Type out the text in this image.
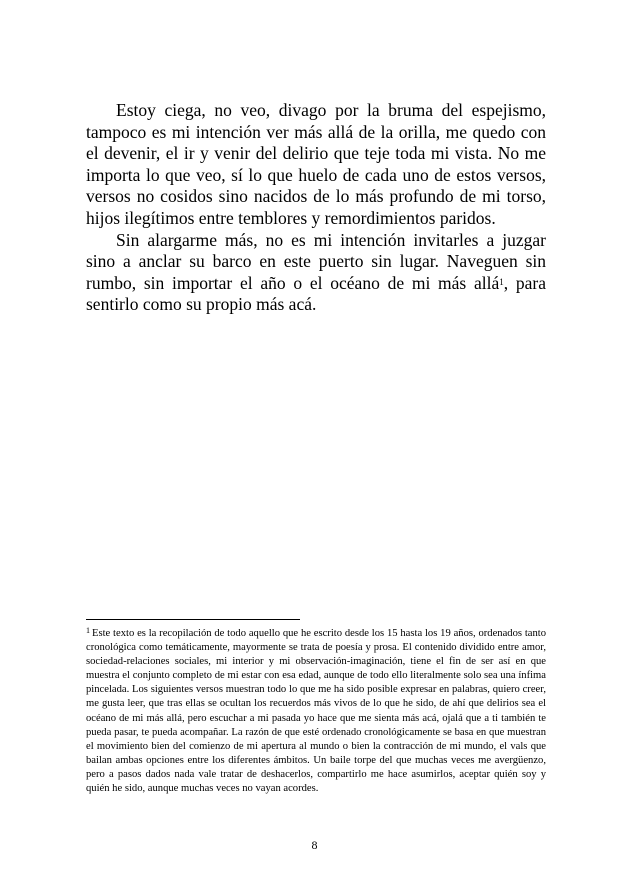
Estoy ciega, no veo, divago por la bruma del espejismo, tampoco es mi intención ver más allá de la orilla, me quedo con el devenir, el ir y venir del delirio que teje toda mi vista. No me importa lo que veo, sí lo que huelo de cada uno de estos versos, versos no cosidos sino nacidos de lo más profundo de mi torso, hijos ilegítimos entre temblores y remordimientos paridos.

Sin alargarme más, no es mi intención invitarles a juzgar sino a anclar su barco en este puerto sin lugar. Naveguen sin rumbo, sin importar el año o el océano de mi más allá$^1$, para sentirlo como su propio más acá.

$^1$ Este texto es la recopilación de todo aquello que he escrito desde los 15 hasta los 19 años, ordenados tanto cronológica como temáticamente, mayormente se trata de poesía y prosa. El contenido dividido entre amor, sociedad-relaciones sociales, mi interior y mi observación-imaginación, tiene el fin de ser así en que muestra el conjunto completo de mi estar con esa edad, aunque de todo ello literalmente solo sea una ínfima pincelada. Los siguientes versos muestran todo lo que me ha sido posible expresar en palabras, quiero creer, me gusta leer, que tras ellas se ocultan los recuerdos más vivos de lo que he sido, de ahí que delirios sea el océano de mi más allá, pero escuchar a mi pasada yo hace que me sienta más acá, ojalá que a ti también te pueda pasar, te pueda acompañar. La razón de que esté ordenado cronológicamente se basa en que muestran el movimiento bien del comienzo de mi apertura al mundo o bien la contracción de mi mundo, el vals que bailan ambas opciones entre los diferentes ámbitos. Un baile torpe del que muchas veces me avergüenzo, pero a pasos dados nada vale tratar de deshacerlos, compartirlo me hace asumirlos, aceptar quién soy y quién he sido, aunque muchas veces no vayan acordes.

8
